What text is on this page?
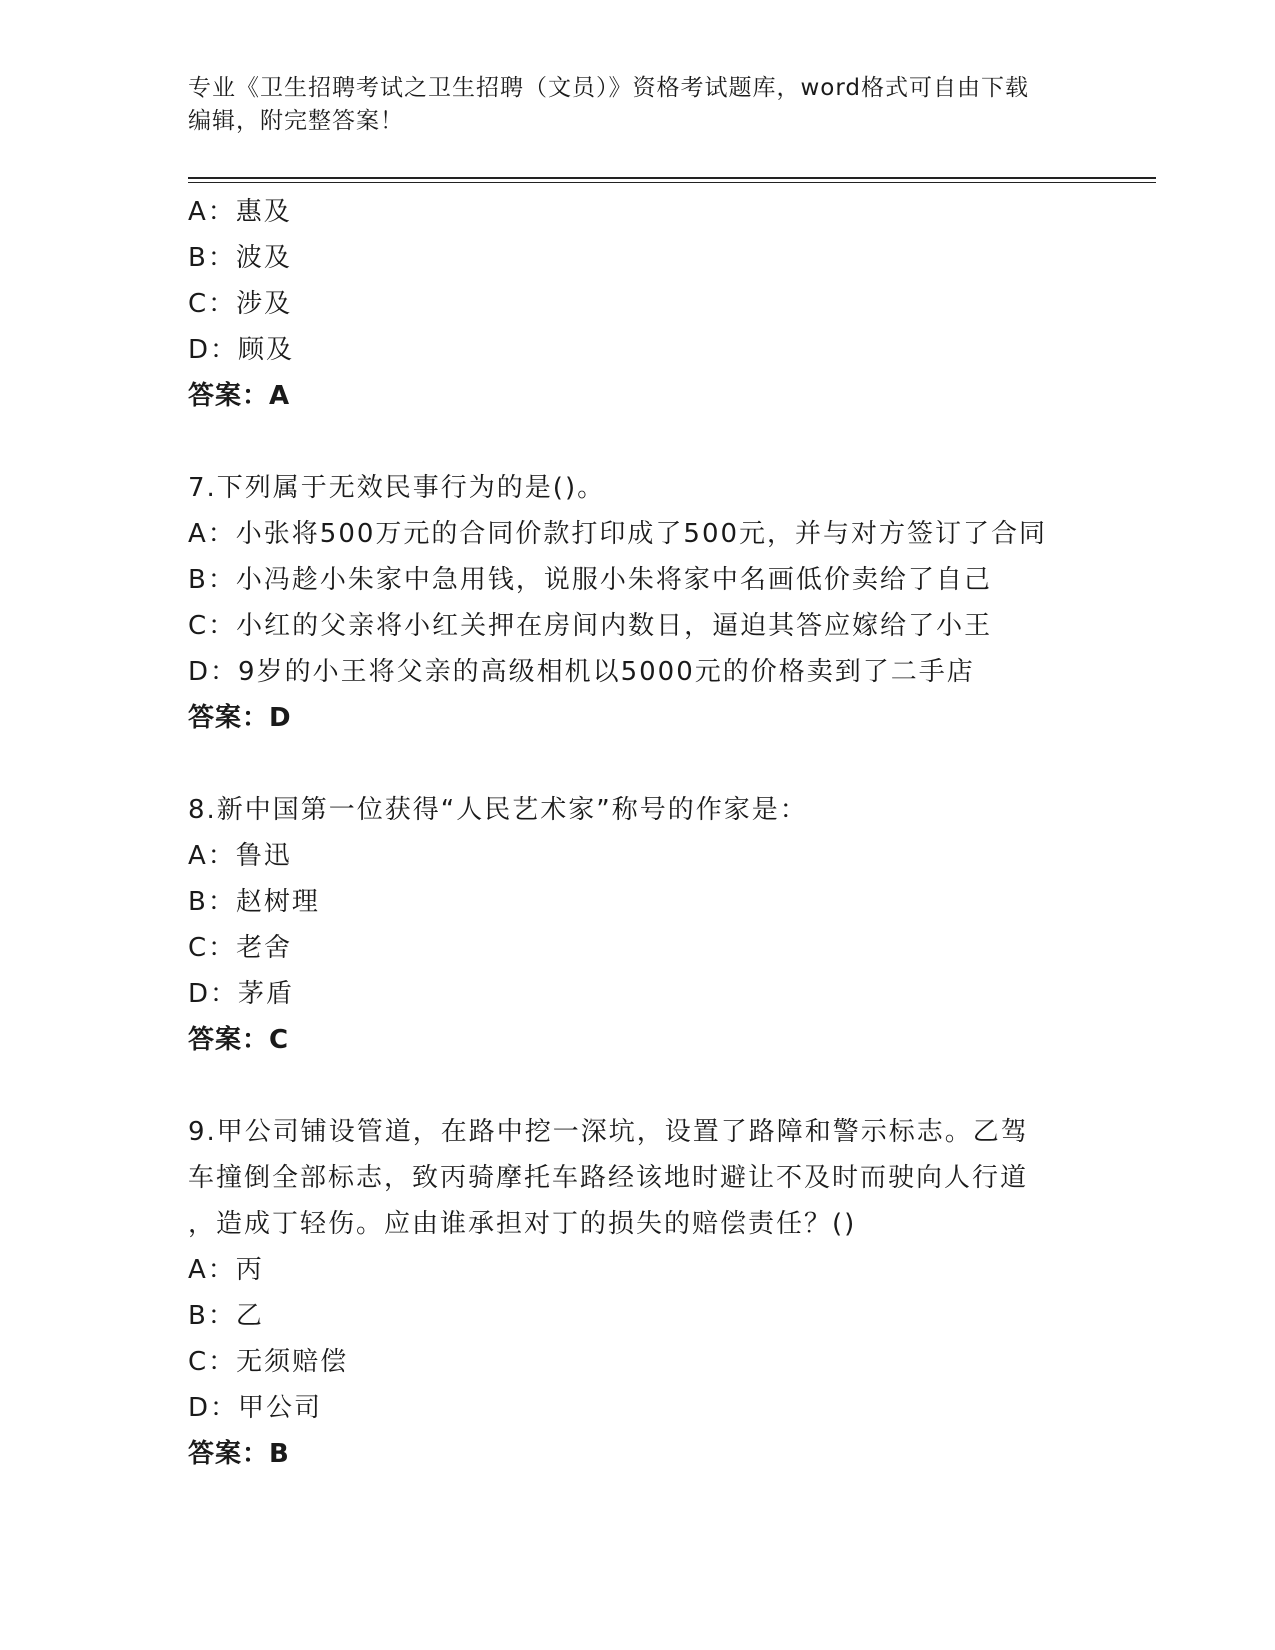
专业《卫生招聘考试之卫生招聘（文员）》资格考试题库，word格式可自由下载
编辑，附完整答案！
A：惠及
B：波及
C：涉及
D：顾及
答案：A
7.下列属于无效民事行为的是()。
A：小张将500万元的合同价款打印成了500元，并与对方签订了合同
B：小冯趁小朱家中急用钱，说服小朱将家中名画低价卖给了自己
C：小红的父亲将小红关押在房间内数日，逼迫其答应嫁给了小王
D：9岁的小王将父亲的高级相机以5000元的价格卖到了二手店
答案：D
8.新中国第一位获得“人民艺术家”称号的作家是：
A：鲁迅
B：赵树理
C：老舍
D：茅盾
答案：C
9.甲公司铺设管道，在路中挖一深坑，设置了路障和警示标志。乙驾
车撞倒全部标志，致丙骑摩托车路经该地时避让不及时而驶向人行道
，造成丁轻伤。应由谁承担对丁的损失的赔偿责任？()
A：丙
B：乙
C：无须赔偿
D：甲公司
答案：B
